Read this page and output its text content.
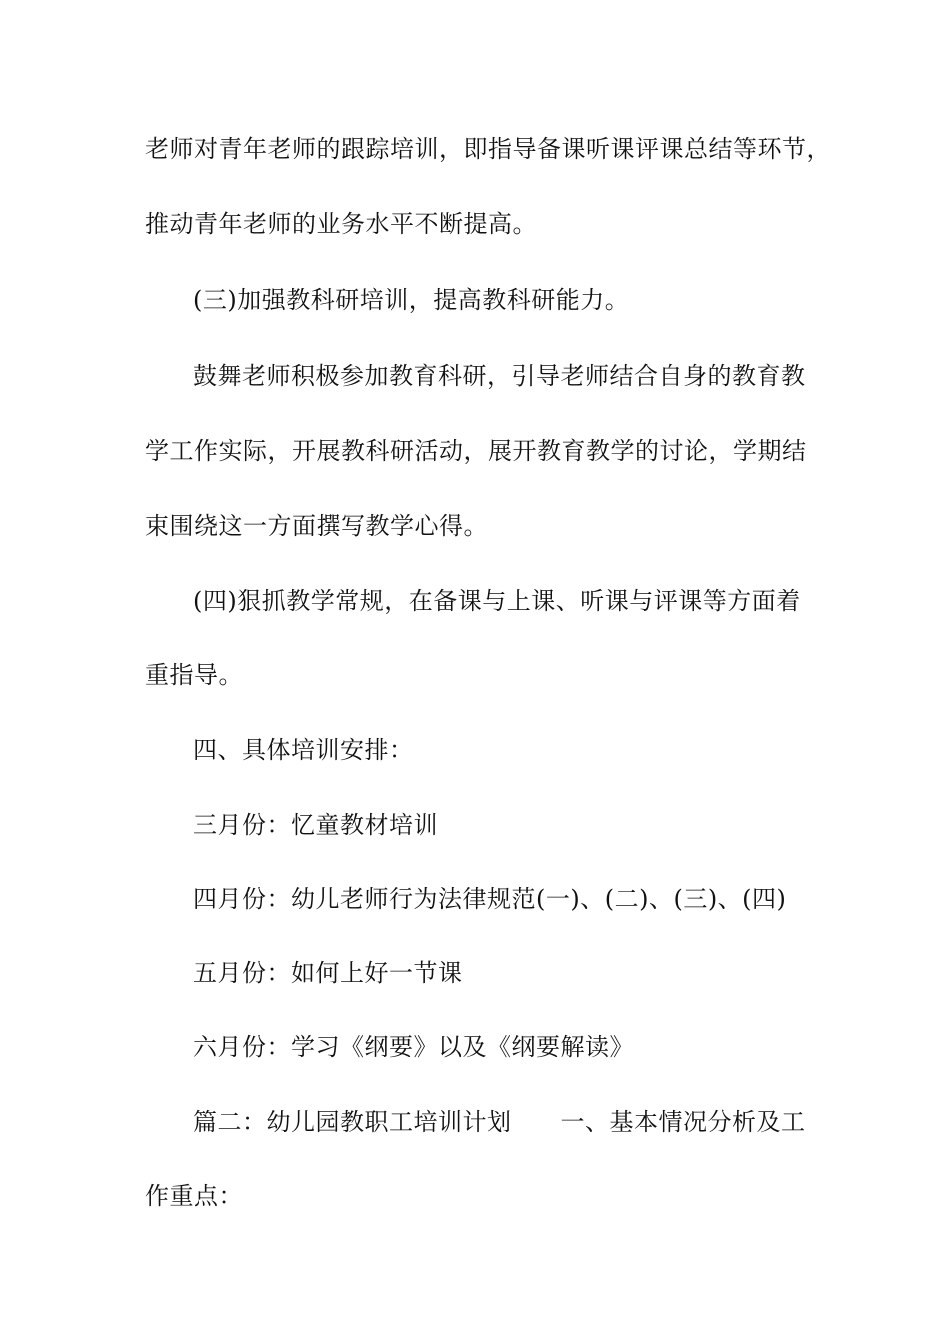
老师对青年老师的跟踪培训，即指导备课听课评课总结等环节，
推动青年老师的业务水平不断提高。
(三)加强教科研培训，提高教科研能力。
鼓舞老师积极参加教育科研，引导老师结合自身的教育教
学工作实际，开展教科研活动，展开教育教学的讨论，学期结
束围绕这一方面撰写教学心得。
(四)狠抓教学常规，在备课与上课、听课与评课等方面着
重指导。
四、具体培训安排：
三月份：忆童教材培训
四月份：幼儿老师行为法律规范(一)、(二)、(三)、(四)
五月份：如何上好一节课
六月份：学习《纲要》以及《纲要解读》
篇二：幼儿园教职工培训计划　　一、基本情况分析及工
作重点：
